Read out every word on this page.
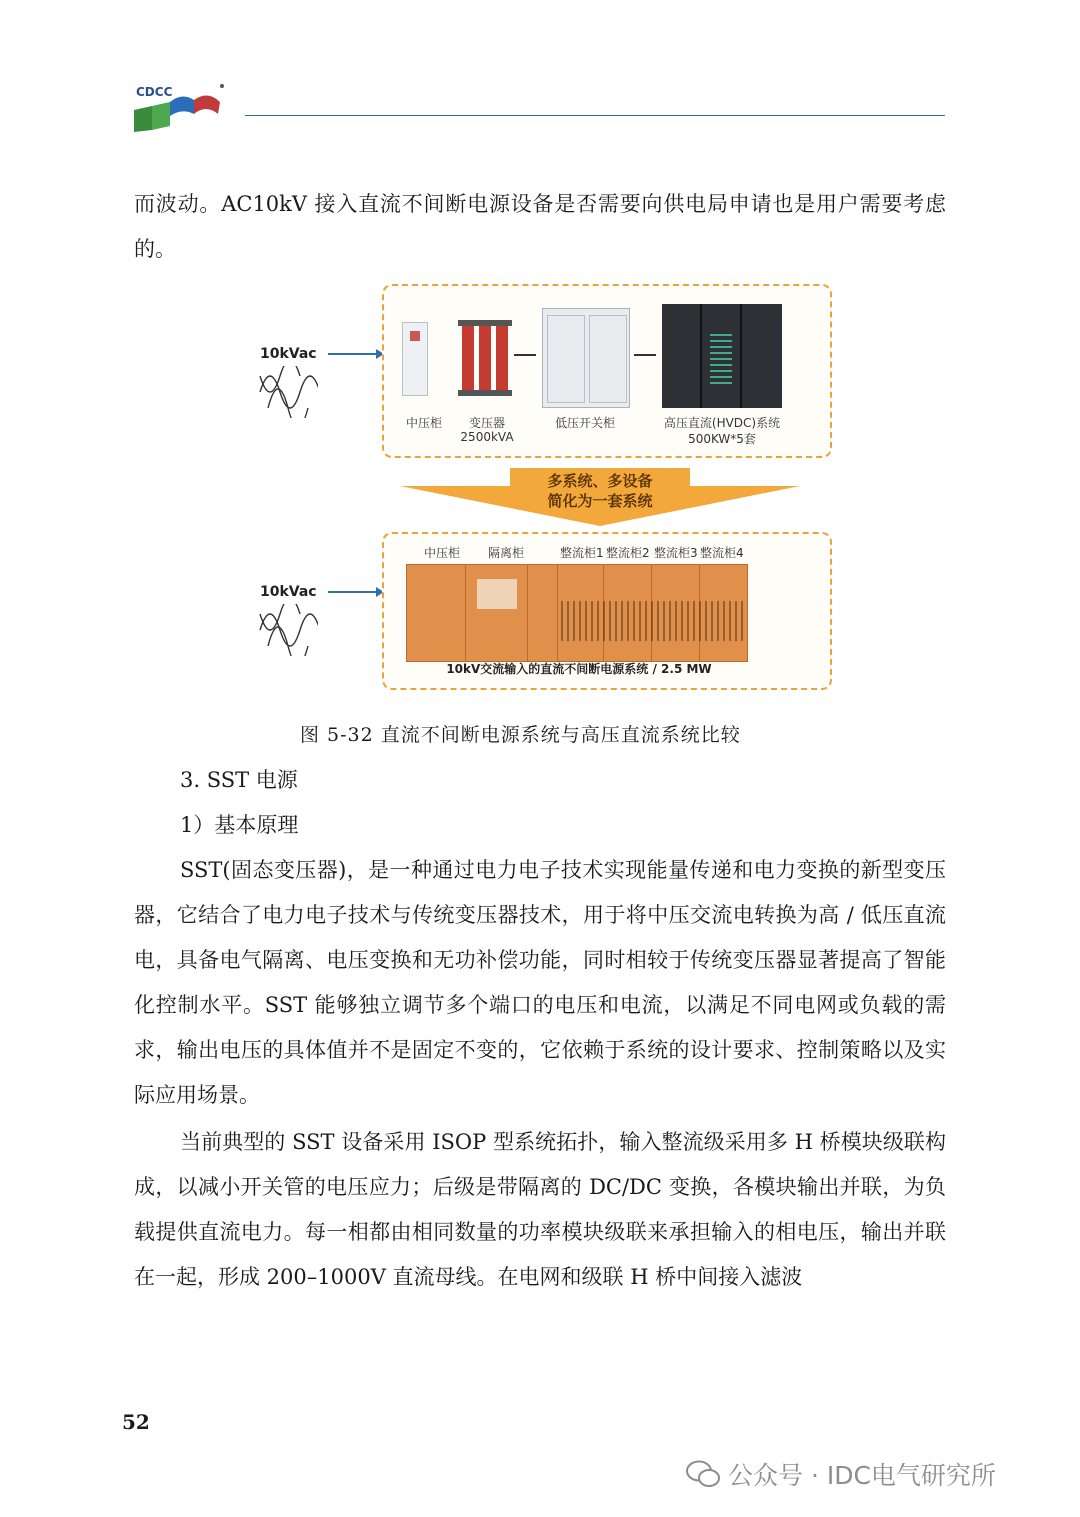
CDCC
而波动。AC10kV 接入直流不间断电源设备是否需要向供电局申请也是用户需要考虑的。
10kVac
中压柜	变压器
2500kVA
低压开关柜	高压直流(HVDC)系统
500KW*5套
多系统、多设备
简化为一套系统
10kVac
中压柜 隔离柜	整流柜1 整流柜2 整流柜3 整流柜4
10kV交流输入的直流不间断电源系统 / 2.5 MW
图 5-32 直流不间断电源系统与高压直流系统比较
3. SST 电源
1）基本原理
SST(固态变压器)，是一种通过电力电子技术实现能量传递和电力变换的新型变压器，它结合了电力电子技术与传统变压器技术，用于将中压交流电转换为高 / 低压直流电，具备电气隔离、电压变换和无功补偿功能，同时相较于传统变压器显著提高了智能化控制水平。SST 能够独立调节多个端口的电压和电流，以满足不同电网或负载的需求，输出电压的具体值并不是固定不变的，它依赖于系统的设计要求、控制策略以及实际应用场景。
当前典型的 SST 设备采用 ISOP 型系统拓扑，输入整流级采用多 H 桥模块级联构成，以减小开关管的电压应力；后级是带隔离的 DC/DC 变换，各模块输出并联，为负载提供直流电力。每一相都由相同数量的功率模块级联来承担输入的相电压，输出并联在一起，形成 200–1000V 直流母线。在电网和级联 H 桥中间接入滤波
52
公众号 · IDC电气研究所
